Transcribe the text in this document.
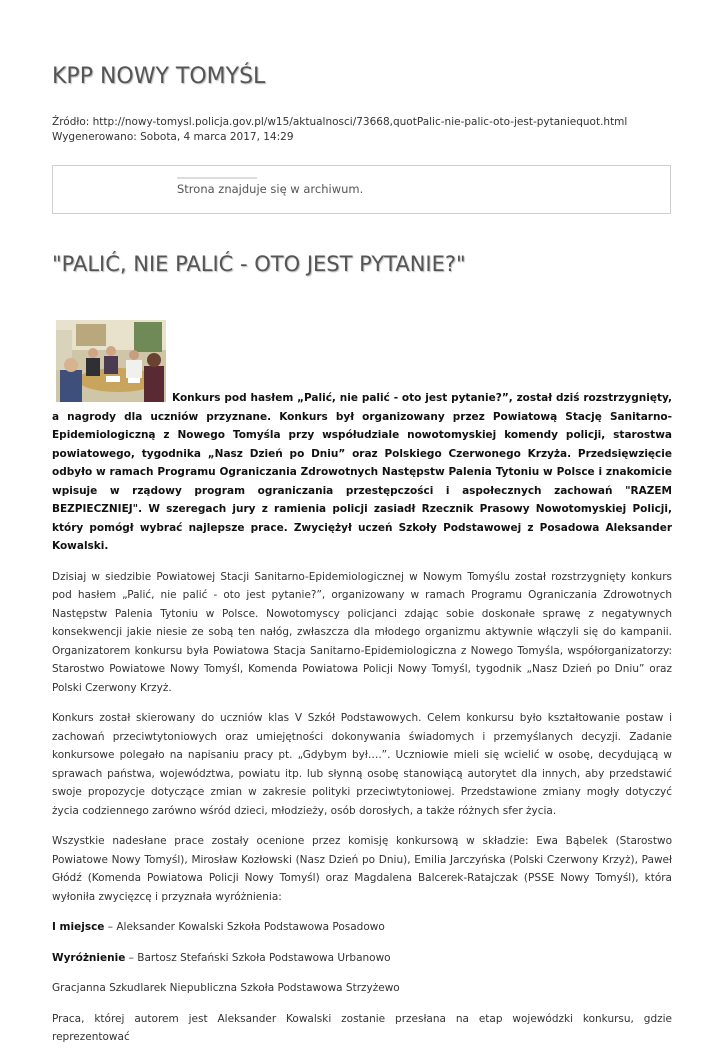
KPP NOWY TOMYŚL
Źródło: http://nowy-tomysl.policja.gov.pl/w15/aktualnosci/73668,quotPalic-nie-palic-oto-jest-pytaniequot.html
Wygenerowano: Sobota, 4 marca 2017, 14:29
Strona znajduje się w archiwum.
"PALIĆ, NIE PALIĆ - OTO JEST PYTANIE?"

Konkurs pod hasłem „Palić, nie palić - oto jest pytanie?”, został dziś rozstrzygnięty, a nagrody dla uczniów przyznane. Konkurs był organizowany przez Powiatową Stację Sanitarno-Epidemiologiczną z Nowego Tomyśla przy współudziale nowotomyskiej komendy policji, starostwa powiatowego, tygodnika „Nasz Dzień po Dniu” oraz Polskiego Czerwonego Krzyża. Przedsięwzięcie odbyło w ramach Programu Ograniczania Zdrowotnych Następstw Palenia Tytoniu w Polsce i znakomicie wpisuje w rządowy program ograniczania przestępczości i aspołecznych zachowań "RAZEM BEZPIECZNIEJ". W szeregach jury z ramienia policji zasiadł Rzecznik Prasowy Nowotomyskiej Policji, który pomógł wybrać najlepsze prace. Zwyciężył uczeń Szkoły Podstawowej z Posadowa Aleksander Kowalski.

Dzisiaj w siedzibie Powiatowej Stacji Sanitarno-Epidemiologicznej w Nowym Tomyślu został rozstrzygnięty konkurs pod hasłem „Palić, nie palić - oto jest pytanie?”, organizowany w ramach Programu Ograniczania Zdrowotnych Następstw Palenia Tytoniu w Polsce. Nowotomyscy policjanci zdając sobie doskonałe sprawę z negatywnych konsekwencji jakie niesie ze sobą ten nałóg, zwłaszcza dla młodego organizmu aktywnie włączyli się do kampanii. Organizatorem konkursu była Powiatowa Stacja Sanitarno-Epidemiologiczna z Nowego Tomyśla, współorganizatorzy: Starostwo Powiatowe Nowy Tomyśl, Komenda Powiatowa Policji Nowy Tomyśl, tygodnik „Nasz Dzień po Dniu” oraz Polski Czerwony Krzyż.

Konkurs został skierowany do uczniów klas V Szkół Podstawowych. Celem konkursu było kształtowanie postaw i zachowań przeciwtytoniowych oraz umiejętności dokonywania świadomych i przemyślanych decyzji. Zadanie konkursowe polegało na napisaniu pracy pt. „Gdybym był….”. Uczniowie mieli się wcielić w osobę, decydującą w sprawach państwa, województwa, powiatu itp. lub słynną osobę stanowiącą autorytet dla innych, aby przedstawić swoje propozycje dotyczące zmian w zakresie polityki przeciwtytoniowej. Przedstawione zmiany mogły dotyczyć życia codziennego zarówno wśród dzieci, młodzieży, osób dorosłych, a także różnych sfer życia.

Wszystkie nadesłane prace zostały ocenione przez komisję konkursową w składzie: Ewa Bąbelek (Starostwo Powiatowe Nowy Tomyśl), Mirosław Kozłowski (Nasz Dzień po Dniu), Emilia Jarczyńska (Polski Czerwony Krzyż), Paweł Głódź (Komenda Powiatowa Policji Nowy Tomyśl) oraz Magdalena Balcerek-Ratajczak (PSSE Nowy Tomyśl), która wyłoniła zwycięzcę i przyznała wyróżnienia:

I miejsce – Aleksander Kowalski Szkoła Podstawowa Posadowo

Wyróżnienie – Bartosz Stefański Szkoła Podstawowa Urbanowo

Gracjanna Szkudlarek Niepubliczna Szkoła Podstawowa Strzyżewo

Praca, której autorem jest Aleksander Kowalski zostanie przesłana na etap wojewódzki konkursu, gdzie reprezentować
